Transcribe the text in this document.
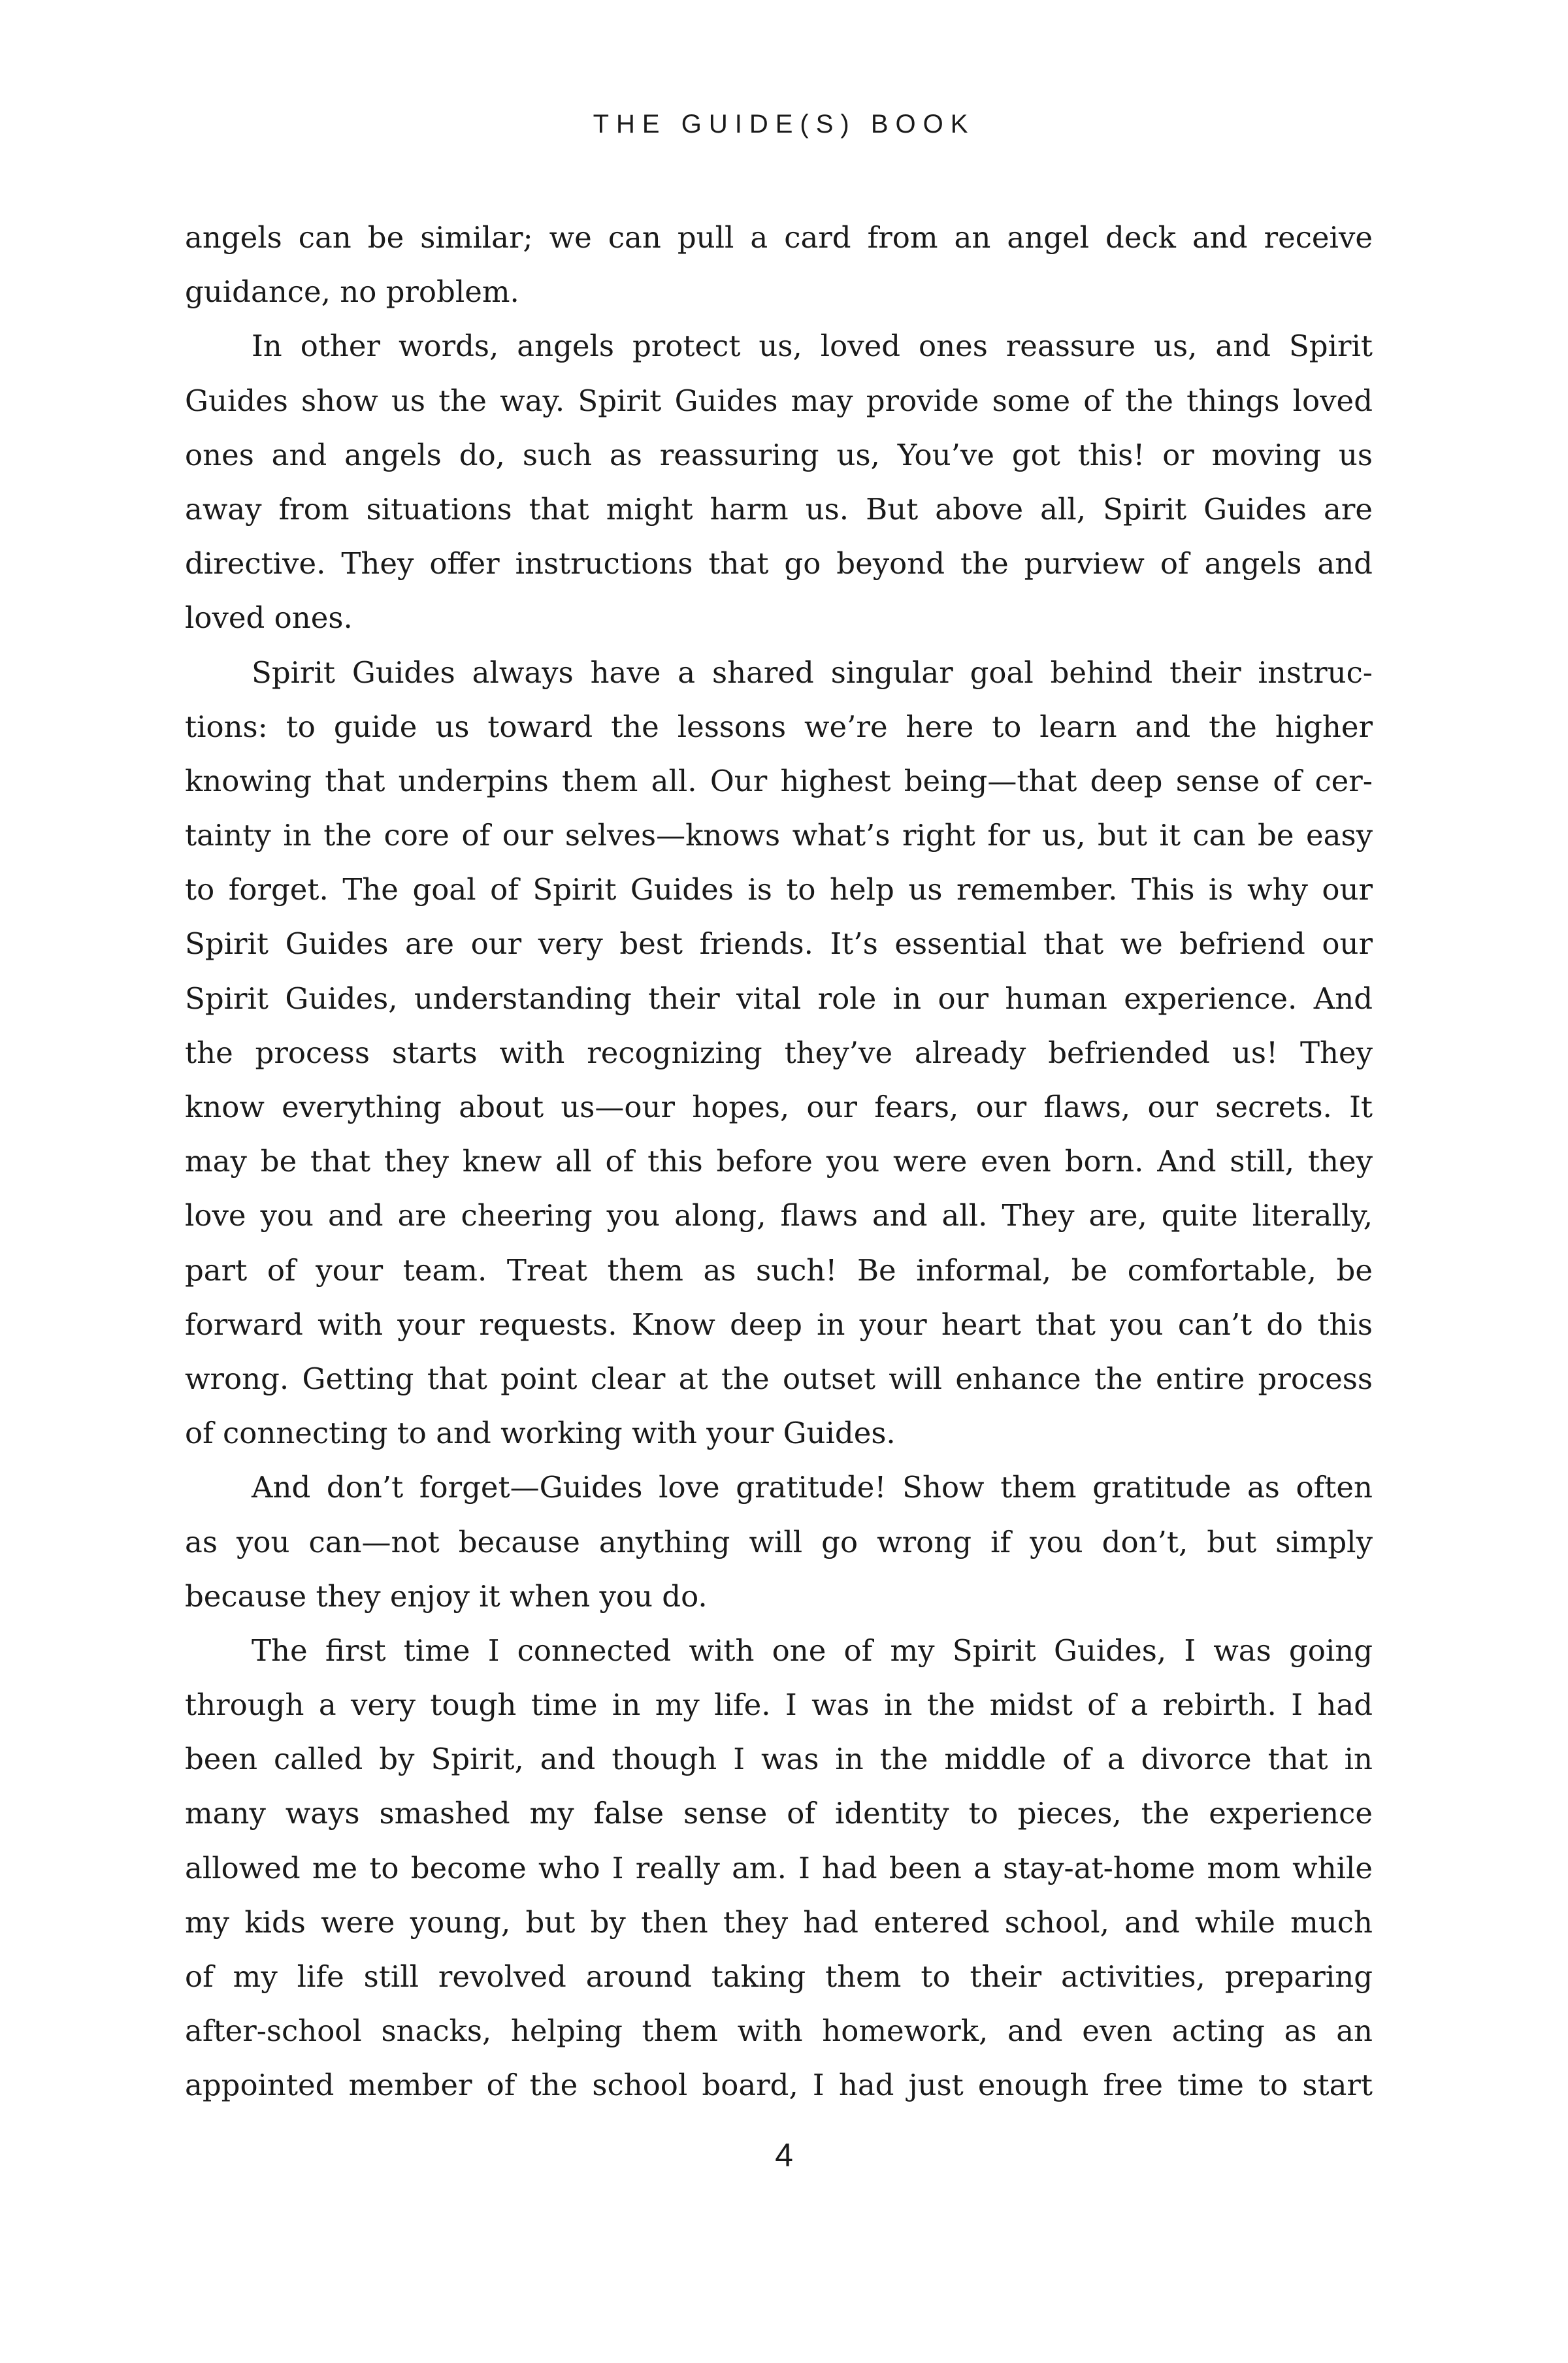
THE GUIDE(S) BOOK
angels can be similar; we can pull a card from an angel deck and receive
guidance, no problem.
In other words, angels protect us, loved ones reassure us, and Spirit
Guides show us the way. Spirit Guides may provide some of the things loved
ones and angels do, such as reassuring us, You’ve got this! or moving us
away from situations that might harm us. But above all, Spirit Guides are
directive. They offer instructions that go beyond the purview of angels and
loved ones.
Spirit Guides always have a shared singular goal behind their instruc-
tions: to guide us toward the lessons we’re here to learn and the higher
knowing that underpins them all. Our highest being—that deep sense of cer-
tainty in the core of our selves—knows what’s right for us, but it can be easy
to forget. The goal of Spirit Guides is to help us remember. This is why our
Spirit Guides are our very best friends. It’s essential that we befriend our
Spirit Guides, understanding their vital role in our human experience. And
the process starts with recognizing they’ve already befriended us! They
know everything about us—our hopes, our fears, our flaws, our secrets. It
may be that they knew all of this before you were even born. And still, they
love you and are cheering you along, flaws and all. They are, quite literally,
part of your team. Treat them as such! Be informal, be comfortable, be
forward with your requests. Know deep in your heart that you can’t do this
wrong. Getting that point clear at the outset will enhance the entire process
of connecting to and working with your Guides.
And don’t forget—Guides love gratitude! Show them gratitude as often
as you can—not because anything will go wrong if you don’t, but simply
because they enjoy it when you do.
The first time I connected with one of my Spirit Guides, I was going
through a very tough time in my life. I was in the midst of a rebirth. I had
been called by Spirit, and though I was in the middle of a divorce that in
many ways smashed my false sense of identity to pieces, the experience
allowed me to become who I really am. I had been a stay-at-home mom while
my kids were young, but by then they had entered school, and while much
of my life still revolved around taking them to their activities, preparing
after-school snacks, helping them with homework, and even acting as an
appointed member of the school board, I had just enough free time to start
4
